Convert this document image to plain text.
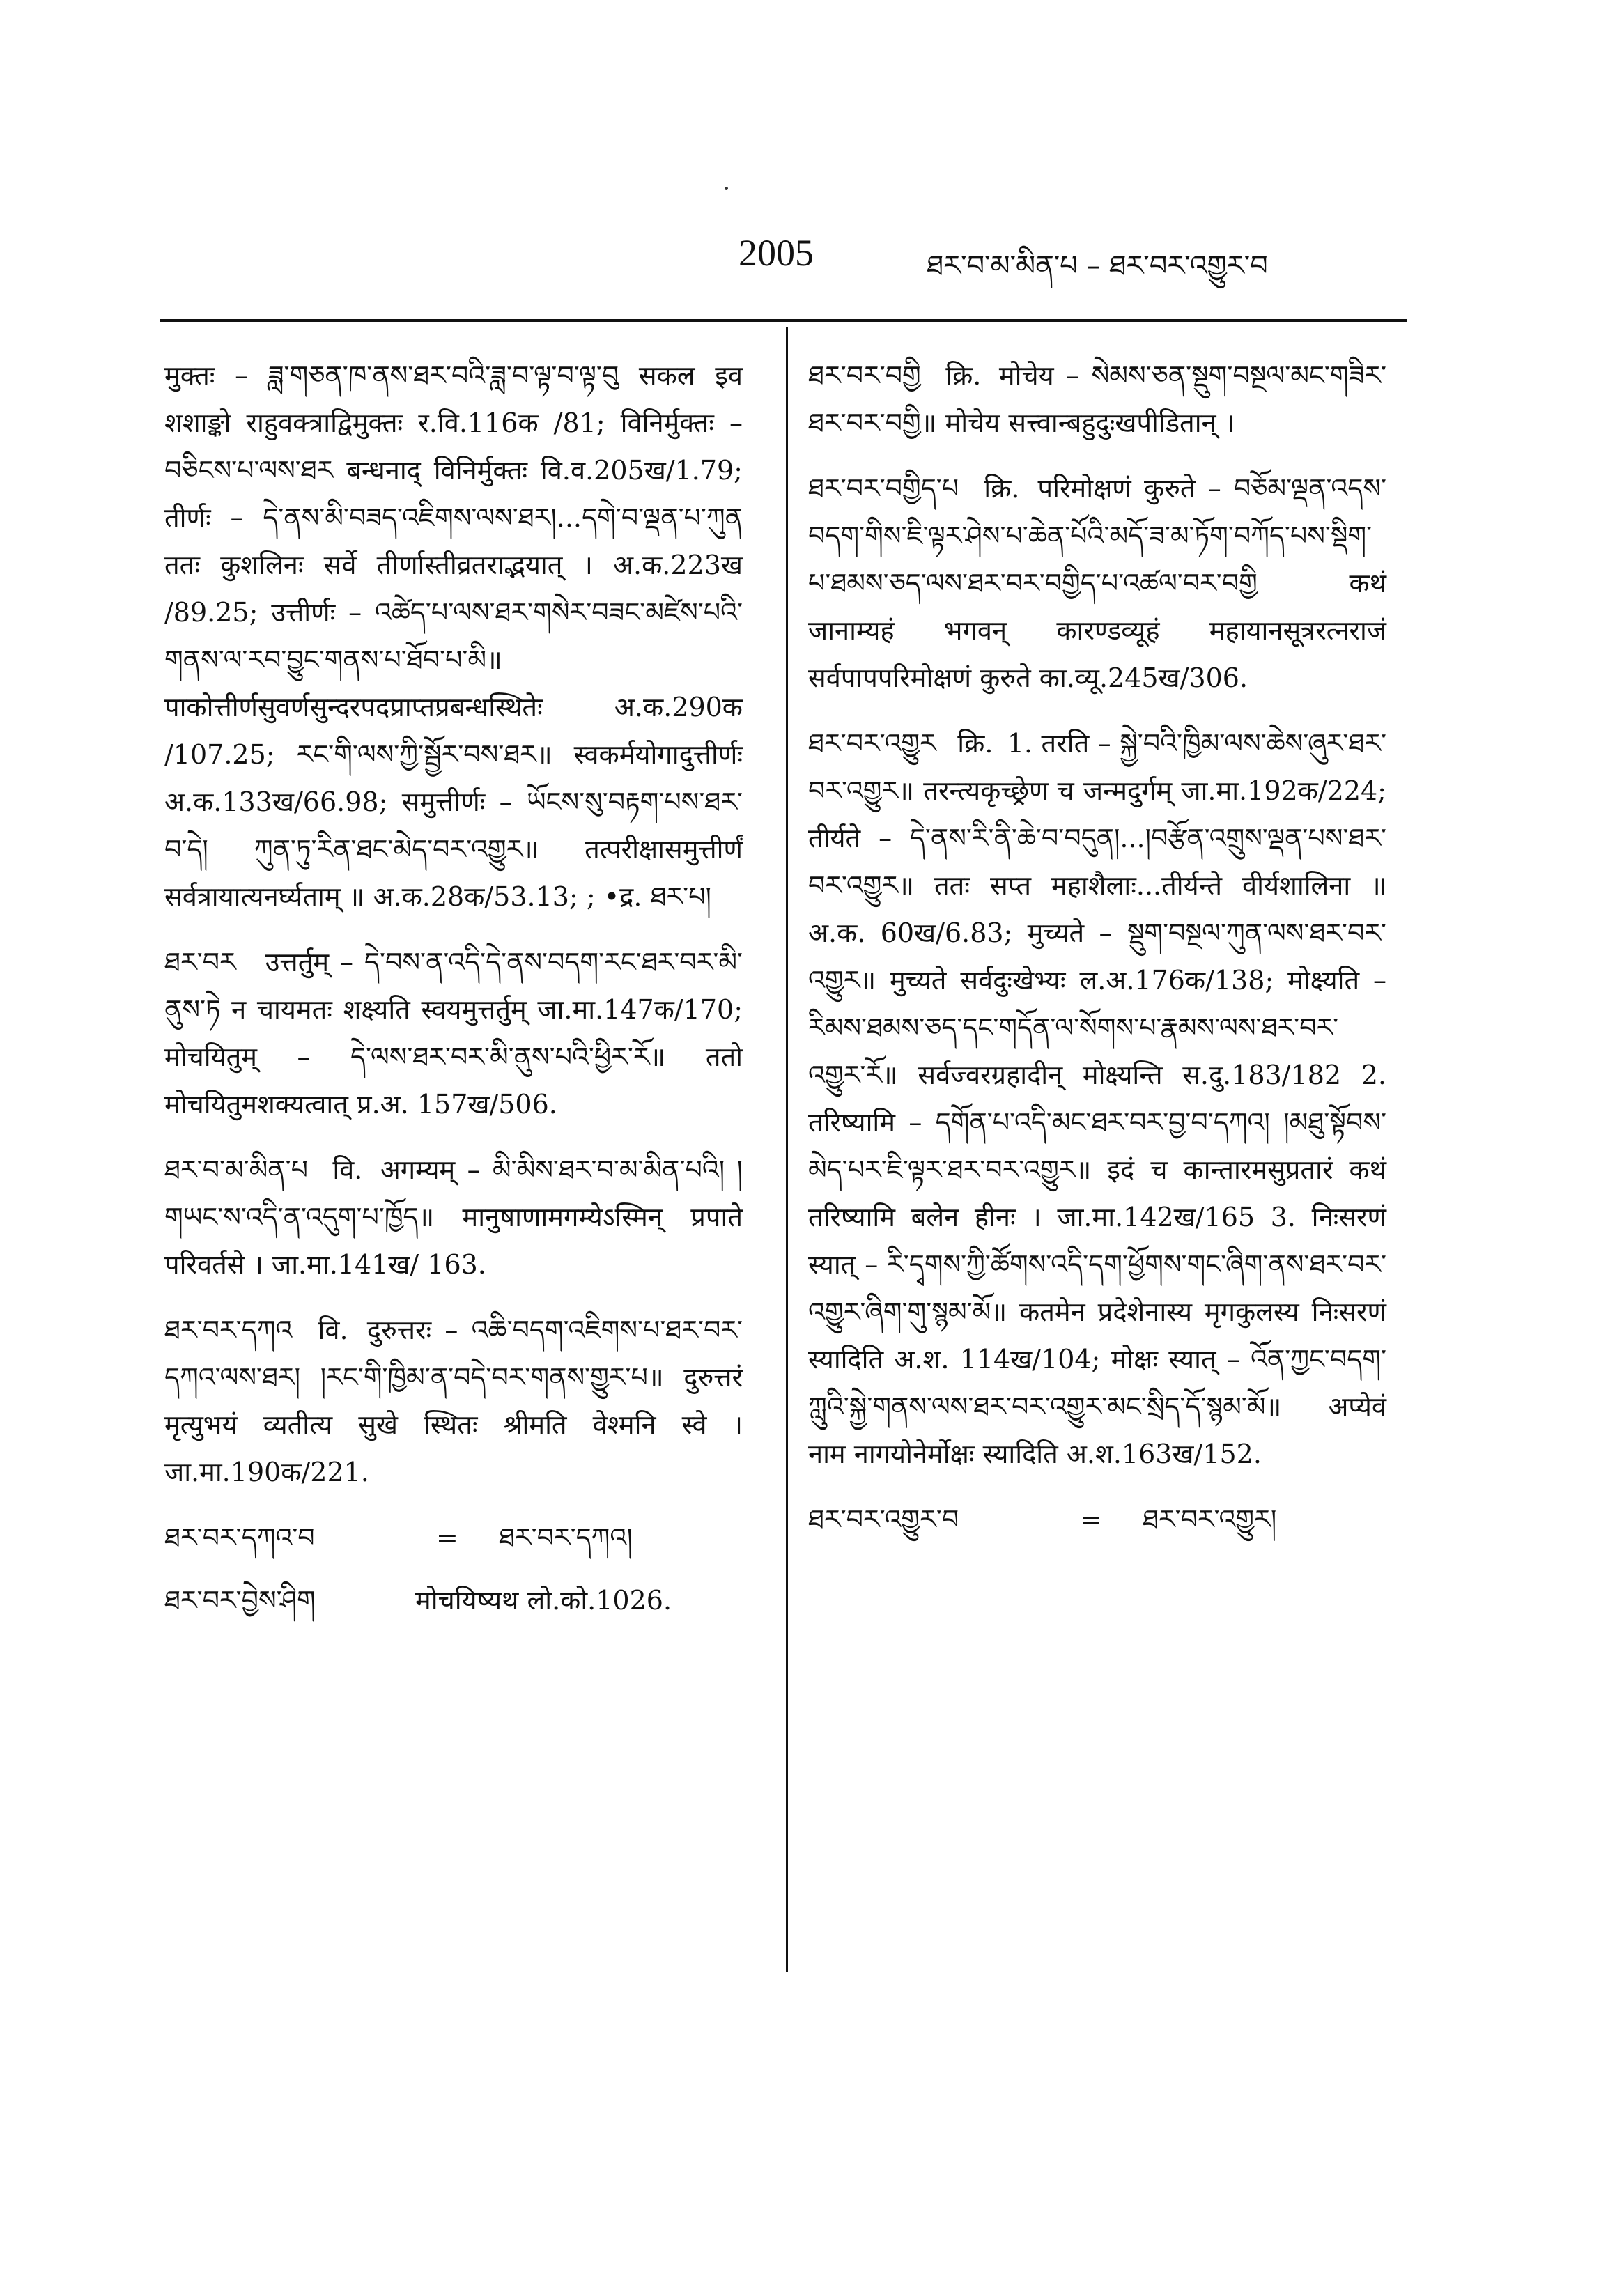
2005	ཐར་བ་མ་མིན་པ – ཐར་བར་འགྱུར་བ
मुक्तः – ཟླ་གཅན་ཁ་ནས་ཐར་བའི་ཟླ་བ་ལྟ་བ་ལྟ་བུ सकल इव शशाङ्को राहुवक्त्राद्विमुक्तः र.वि.116क /81; विनिर्मुक्तः – བཅིངས་པ་ལས་ཐར बन्धनाद् विनिर्मुक्तः वि.व.205ख/1.79; तीर्णः – དེ་ནས་མི་བཟད་འཇིགས་ལས་ཐར།...དགེ་བ་ལྡན་པ་ཀུན ततः कुशलिनः सर्वे तीर्णास्तीव्रतराद्भयात् । अ.क.223ख /89.25; उत्तीर्णः – འཚེད་པ་ལས་ཐར་གསེར་བཟང་མཛེས་པའི་གནས་ལ་རབ་བྱུང་གནས་པ་ཐོབ་པ་མི॥ पाकोत्तीर्णसुवर्णसुन्दरपदप्राप्तप्रबन्धस्थितेः अ.क.290क /107.25; རང་གི་ལས་ཀྱི་སྦྱོར་བས་ཐར॥ स्वकर्मयोगादुत्तीर्णः अ.क.133ख/66.98; समुत्तीर्णः – ཡོངས་སུ་བརྟག་པས་ཐར་བ་དེ། ཀུན་ཏུ་རིན་ཐང་མེད་བར་འགྱུར॥ तत्परीक्षासमुत्तीर्णं सर्वत्रायात्यनर्घ्यताम् ॥ अ.क.28क/53.13; ; •द्र. ཐར་པ།
ཐར་བར उत्तर्तुम् – དེ་བས་ན་འདི་དེ་ནས་བདག་རང་ཐར་བར་མི་ནུས་ཏེ न चायमतः शक्ष्यति स्वयमुत्तर्तुम् जा.मा.147क/170; मोचयितुम् – དེ་ལས་ཐར་བར་མི་ནུས་པའི་ཕྱིར་རོ॥ ततो मोचयितुमशक्यत्वात् प्र.अ. 157ख/506.
ཐར་བ་མ་མིན་པ वि. अगम्यम् – མི་མིས་ཐར་བ་མ་མིན་པའི། །གཡང་ས་འདི་ན་འདུག་པ་ཁྱོད॥ मानुषाणामगम्येऽस्मिन् प्रपाते परिवर्तसे । जा.मा.141ख/ 163.
ཐར་བར་དཀའ वि. दुरुत्तरः – འཆི་བདག་འཇིགས་པ་ཐར་བར་དཀའ་ལས་ཐར། །རང་གི་ཁྱིམ་ན་བདེ་བར་གནས་གྱུར་པ॥ दुरुत्तरं मृत्युभयं व्यतीत्य सुखे स्थितः श्रीमति वेश्मनि स्वे । जा.मा.190क/221.
ཐར་བར་དཀའ་བ	=	ཐར་བར་དཀའ།
ཐར་བར་བྱེས་ཤིག	मोचयिष्यथ लो.को.1026.
ཐར་བར་བགྱི क्रि. मोचेय – སེམས་ཅན་སྡུག་བསྔལ་མང་གཟིར་ཐར་བར་བགྱི॥ मोचेय सत्त्वान्बहुदुःखपीडितान् ।
ཐར་བར་བགྱིད་པ क्रि. परिमोक्षणं कुरुते – བཅོམ་ལྡན་འདས་བདག་གིས་ཇི་ལྟར་ཤེས་པ་ཆེན་པོའི་མདོ་ཟ་མ་ཏོག་བཀོད་པས་སྡིག་པ་ཐམས་ཅད་ལས་ཐར་བར་བགྱིད་པ་འཚལ་བར་བགྱི कथं जानाम्यहं भगवन् कारण्डव्यूहं महायानसूत्ररत्नराजं सर्वपापपरिमोक्षणं कुरुते का.व्यू.245ख/306.
ཐར་བར་འགྱུར क्रि. 1. तरति – སྐྱེ་བའི་ཁྱིམ་ལས་ཆེས་ཞུར་ཐར་བར་འགྱུར॥ तरन्त्यकृच्छ्रेण च जन्मदुर्गम् जा.मा.192क/224; तीर्यते – དེ་ནས་རི་ནི་ཆེ་བ་བདུན།...།བརྩོན་འགྲུས་ལྡན་པས་ཐར་བར་འགྱུར॥ ततः सप्त महाशैलाः...तीर्यन्ते वीर्यशालिना ॥ अ.क. 60ख/6.83; मुच्यते – སྡུག་བསྔལ་ཀུན་ལས་ཐར་བར་འགྱུར॥ मुच्यते सर्वदुःखेभ्यः ल.अ.176क/138; मोक्ष्यति – རིམས་ཐམས་ཅད་དང་གདོན་ལ་སོགས་པ་རྣམས་ལས་ཐར་བར་འགྱུར་རོ॥ सर्वज्वरग्रहादीन् मोक्ष्यन्ति स.दु.183/182 2. तरिष्यामि – དགོན་པ་འདི་མང་ཐར་བར་བྱ་བ་དཀའ། །མཐུ་སྟོབས་མེད་པར་ཇི་ལྟར་ཐར་བར་འགྱུར॥ इदं च कान्तारमसुप्रतारं कथं तरिष्यामि बलेन हीनः । जा.मा.142ख/165 3. निःसरणं स्यात् – རི་དྭགས་ཀྱི་ཚོགས་འདི་དག་ཕྱོགས་གང་ཞིག་ནས་ཐར་བར་འགྱུར་ཞིག་གུ་སྙམ་མོ॥ कतमेन प्रदेशेनास्य मृगकुलस्य निःसरणं स्यादिति अ.श. 114ख/104; मोक्षः स्यात् – འོན་ཀྱང་བདག་ཀླུའི་སྐྱེ་གནས་ལས་ཐར་བར་འགྱུར་མང་སྲིད་དོ་སྙམ་མོ॥ अप्येवं नाम नागयोनेर्मोक्षः स्यादिति अ.श.163ख/152.
ཐར་བར་འགྱུར་བ	=	ཐར་བར་འགྱུར།
